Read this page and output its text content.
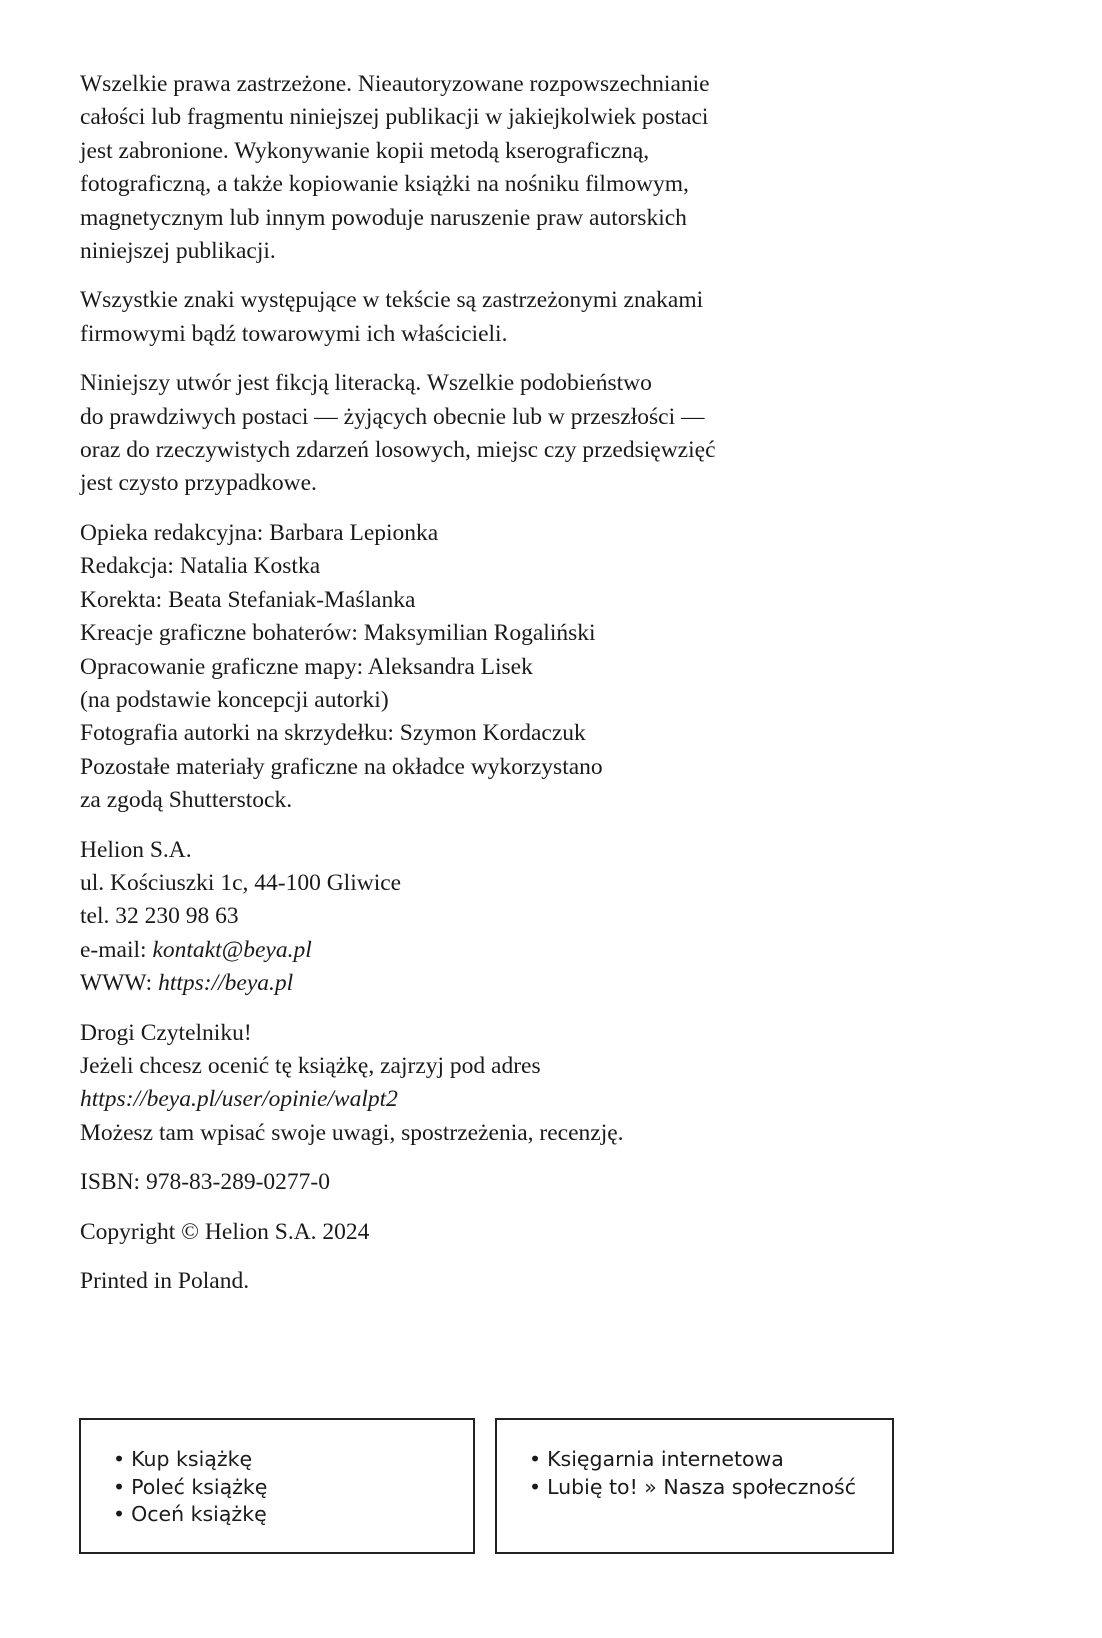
Wszelkie prawa zastrzeżone. Nieautoryzowane rozpowszechnianie
całości lub fragmentu niniejszej publikacji w jakiejkolwiek postaci
jest zabronione. Wykonywanie kopii metodą kserograficzną,
fotograficzną, a także kopiowanie książki na nośniku filmowym,
magnetycznym lub innym powoduje naruszenie praw autorskich
niniejszej publikacji.

Wszystkie znaki występujące w tekście są zastrzeżonymi znakami
firmowymi bądź towarowymi ich właścicieli.

Niniejszy utwór jest fikcją literacką. Wszelkie podobieństwo
do prawdziwych postaci — żyjących obecnie lub w przeszłości —
oraz do rzeczywistych zdarzeń losowych, miejsc czy przedsięwzięć
jest czysto przypadkowe.

Opieka redakcyjna: Barbara Lepionka
Redakcja: Natalia Kostka
Korekta: Beata Stefaniak-Maślanka
Kreacje graficzne bohaterów: Maksymilian Rogaliński
Opracowanie graficzne mapy: Aleksandra Lisek
(na podstawie koncepcji autorki)
Fotografia autorki na skrzydełku: Szymon Kordaczuk
Pozostałe materiały graficzne na okładce wykorzystano
za zgodą Shutterstock.

Helion S.A.
ul. Kościuszki 1c, 44-100 Gliwice
tel. 32 230 98 63
e-mail: kontakt@beya.pl
WWW: https://beya.pl

Drogi Czytelniku!
Jeżeli chcesz ocenić tę książkę, zajrzyj pod adres
https://beya.pl/user/opinie/walpt2
Możesz tam wpisać swoje uwagi, spostrzeżenia, recenzję.

ISBN: 978-83-289-0277-0

Copyright © Helion S.A. 2024

Printed in Poland.

• Kup książkę
• Poleć książkę
• Oceń książkę
• Księgarnia internetowa
• Lubię to! » Nasza społeczność
